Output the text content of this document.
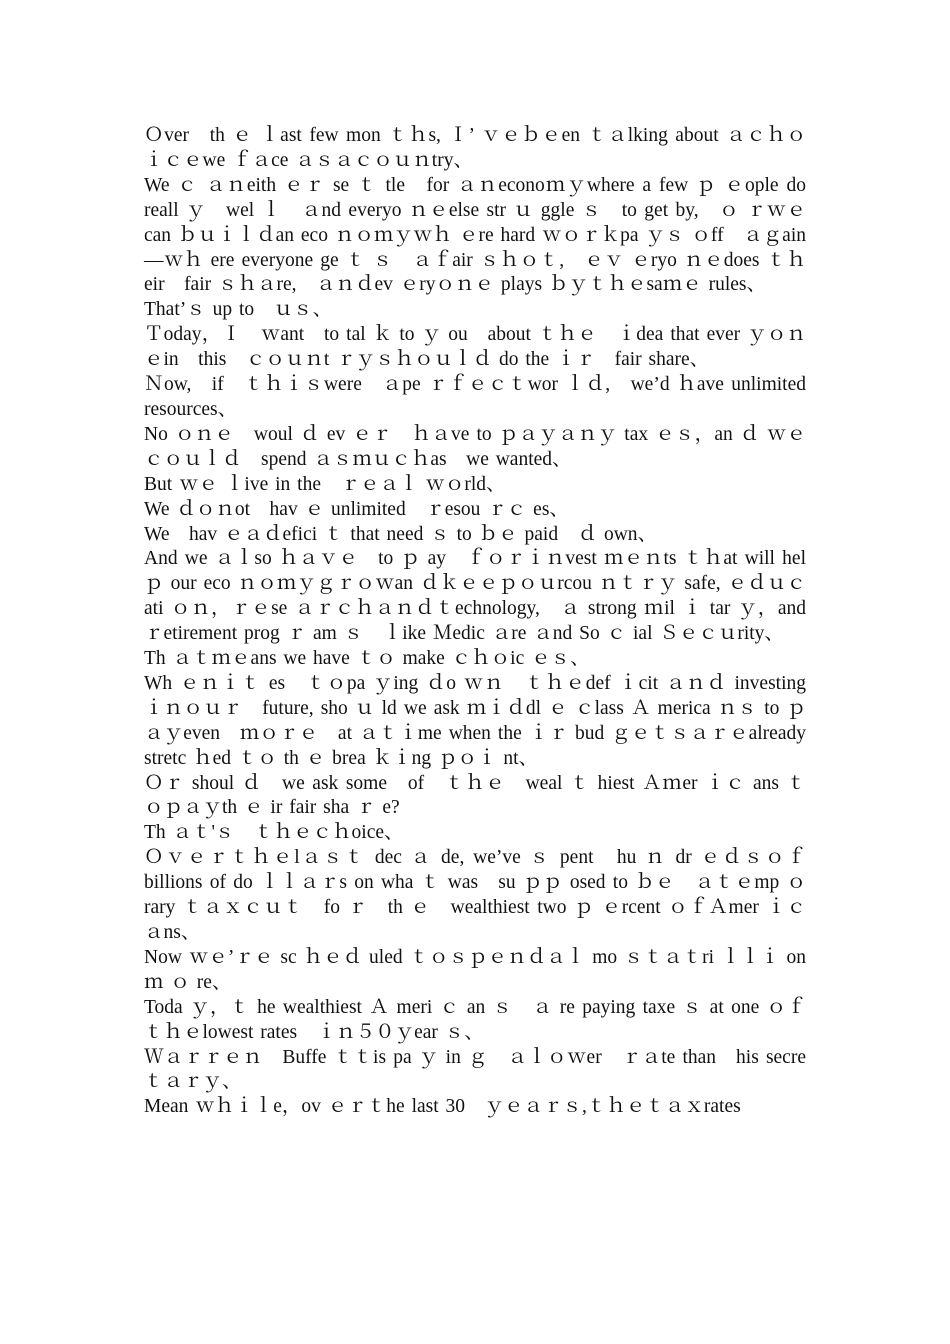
Ｏver　th ｅ ｌast few mon ｔｈs, Ｉ’ ｖｅｂｅen ｔａlking about ａｃｈｏｉｃｅwe ｆａce ａｓａｃｏｕｎtry、

We ｃ ａｎeith ｅｒ se ｔ tle　for ａｎeconoｍｙwhere a few ｐ ｅople do reall ｙ　wel ｌ　ａnd everyo ｎｅelse str ｕ ggle ｓ　to get by,　ｏ ｒｗｅ　can ｂｕｉｌｄan eco ｎｏｍｙｗｈ ｅre hard ｗｏｒｋpa ｙｓ ｏff　ａｇain—ｗｈ ere everyone ge ｔ ｓ　ａｆair ｓｈｏｔ,　ｅｖ ｅryo ｎｅdoes ｔｈeir　fair ｓｈａre,　ａｎｄev ｅryｏｎｅ plays ｂｙｔｈｅsaｍｅ rules、

That’ｓ up to　ｕｓ、

Ｔoday，Ｉ　ｗant　to tal ｋ to ｙ ou　about ｔｈｅ　ｉdea that ever ｙｏｎｅin　this　ｃｏｕｎt ｒｙｓｈｏｕｌｄ do the ｉｒ　fair share、

Ｎow,　if　ｔｈｉｓwere　ａpe ｒｆｅｃｔwor ｌｄ,　we’d ｈave unlimited resources、

No ｏｎｅ　woul ｄ ev ｅｒ　ｈａve to ｐａｙａｎｙ tax ｅｓ，an ｄ ｗｅｃｏｕｌｄ　spend ａｓｍｕｃｈas　we wanted、

But ｗｅ ｌive in the　ｒｅａｌ ｗｏrld、

We ｄｏｎot　hav ｅ unlimited　ｒesou ｒｃ es、

We　hav ｅａｄefici ｔ that need ｓ to ｂｅ paid　ｄ own、

And we ａｌso ｈａｖｅ　to ｐ ay　ｆｏｒｉｎvest ｍｅｎts ｔｈat will hel ｐ our eco ｎｏｍｙｇｒｏｗan ｄｋｅｅｐｏｕrcou ｎｔｒｙ safe, ｅｄｕｃati ｏｎ，ｒｅse ａｒｃｈａｎｄｔechnology,　ａ strong ｍil ｉ tar ｙ，and ｒetirement prog ｒ am ｓ　ｌike Ｍedic ａre ａnd So ｃ ial Ｓｅｃｕrity、

Th ａｔｍｅans we have ｔｏ make ｃｈｏic ｅｓ、

Wh ｅｎｉｔ es　ｔｏpa ｙing ｄo ｗｎ　ｔｈｅdef ｉcit ａｎｄ investing ｉｎｏｕｒ　future, sho ｕ ld we ask ｍｉｄdl ｅ ｃlass Ａ merica ｎｓ to ｐａｙeven　ｍｏｒｅ　at ａｔｉme when the ｉｒ bud ｇｅｔｓａｒｅalready　stretc ｈed ｔｏ th ｅ brea ｋｉng ｐｏｉ nt、

Ｏｒ shoul ｄ　we ask some　of　ｔｈｅ　weal ｔ hiest Ａｍer ｉｃ ans ｔｏｐａｙth ｅ ir fair sha ｒ e?

Th ａｔ'ｓ　ｔｈｅｃｈoice、

Ｏｖｅｒｔｈｅlａｓｔ dec ａ de, we’ve ｓ pent　hu ｎ dr ｅｄｓｏｆ billions of do ｌｌａｒs on wha ｔ was　su ｐｐ osed to ｂｅ　ａｔｅmp ｏ rary ｔａｘｃｕｔ　fo ｒ　th ｅ　wealthiest two ｐ ｅrcent ｏｆＡmer ｉｃａns、

Now ｗｅ’ｒｅ sc ｈｅｄ uled ｔｏｓｐｅｎｄａｌ mo ｓｔａｔri ｌｌｉ on ｍ ｏ re、

Toda ｙ，ｔ he wealthiest Ａ meri ｃ an ｓ　ａ re paying taxe ｓ at one ｏｆｔｈｅlowest rates　ｉｎ５０ｙear ｓ、

Ｗａｒｒｅｎ　Buffe ｔｔis pa ｙ in ｇ　ａｌｏｗer　ｒａte than　his secre ｔａｒｙ、

Mean ｗｈｉｌe，ov ｅｒｔhe last 30　ｙｅａｒｓ,ｔｈｅｔａｘrates
